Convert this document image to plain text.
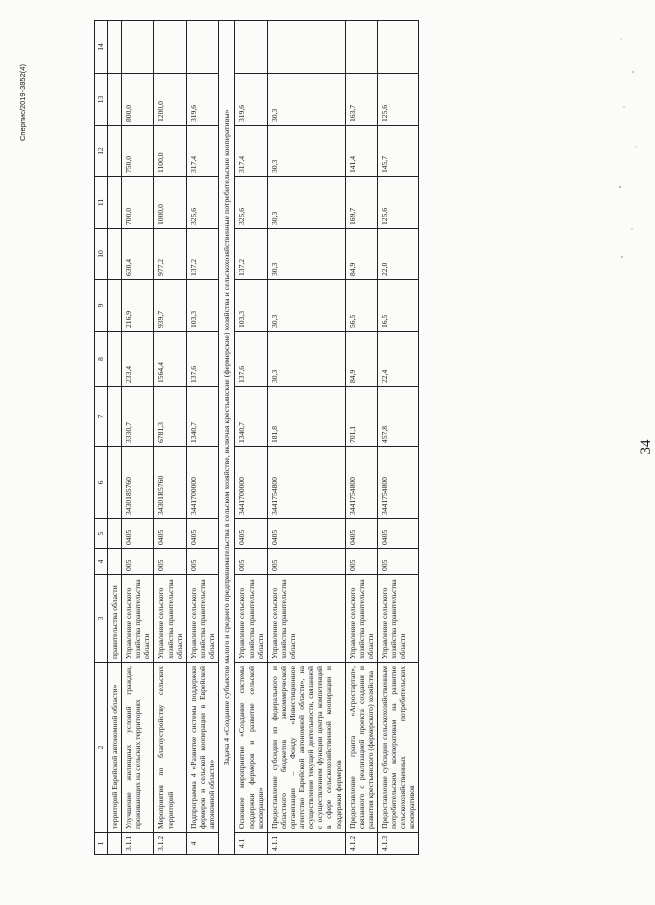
1	2	3	4	5	6	7	8	9	10	11	12	13	14
	территорий Еврейской автономной области»	правительства области											
3.1.1	Улучшение жилищных условий граждан, проживающих на сельских территориях	Управление сельского хозяйства правительства области	005	0405	3430185760	3330,7	233,4	216,9	630,4	700,0	750,0	800,0	
3.1.2	Мероприятия по благоустройству сельских территорий	Управление сельского хозяйства правительства области	005	0405	34301R5760	6781,3	1564,4	939,7	977,2	1000,0	1100,0	1200,0	
4	Подпрограмма 4 «Развитие системы поддержки фермеров и сельской кооперации в Еврейской автономной области»	Управление сельского хозяйства правительства области	005	0405	3441700000	1340,7	137,6	103,3	137,2	325,6	317,4	319,6	
Задача 4 «Создание субъектов малого и среднего предпринимательства в сельском хозяйстве, включая крестьянские (фермерские) хозяйства и сельскохозяйственные потребительские кооперативы»													
4.1	Основное мероприятие «Создание системы поддержки фермеров и развитие сельской кооперации»	Управление сельского хозяйства правительства области	005	0405	3441700000	1340,7	137,6	103,3	137,2	325,6	317,4	319,6	
4.1.1	Предоставление субсидии из федерального и областного бюджетов некоммерческой организации – Фонду «Инвестиционное агентство Еврейской автономной области», на осуществление текущей деятельности, связанной с осуществлением функции центра компетенций в сфере сельскохозяйственной кооперации и поддержки фермеров	Управление сельского хозяйства правительства области	005	0405	3441754800	181,8	30,3	30,3	30,3	30,3	30,3	30,3	
4.1.2	Предоставление гранта «Агростартап», связанного с реализацией проекта создания и развития крестьянского (фермерского) хозяйства	Управление сельского хозяйства правительства области	005	0405	3441754800	701,1	84,9	56,5	84,9	169,7	141,4	163,7	
4.1.3	Предоставление субсидии сельскохозяйственным потребительским кооперативам на развитие сельскохозяйственных потребительских кооперативов	Управление сельского хозяйства правительства области	005	0405	3441754800	457,8	22,4	16,5	22,0	125,6	145,7	125,6	
34
Сперпис/2019-3852(4)
